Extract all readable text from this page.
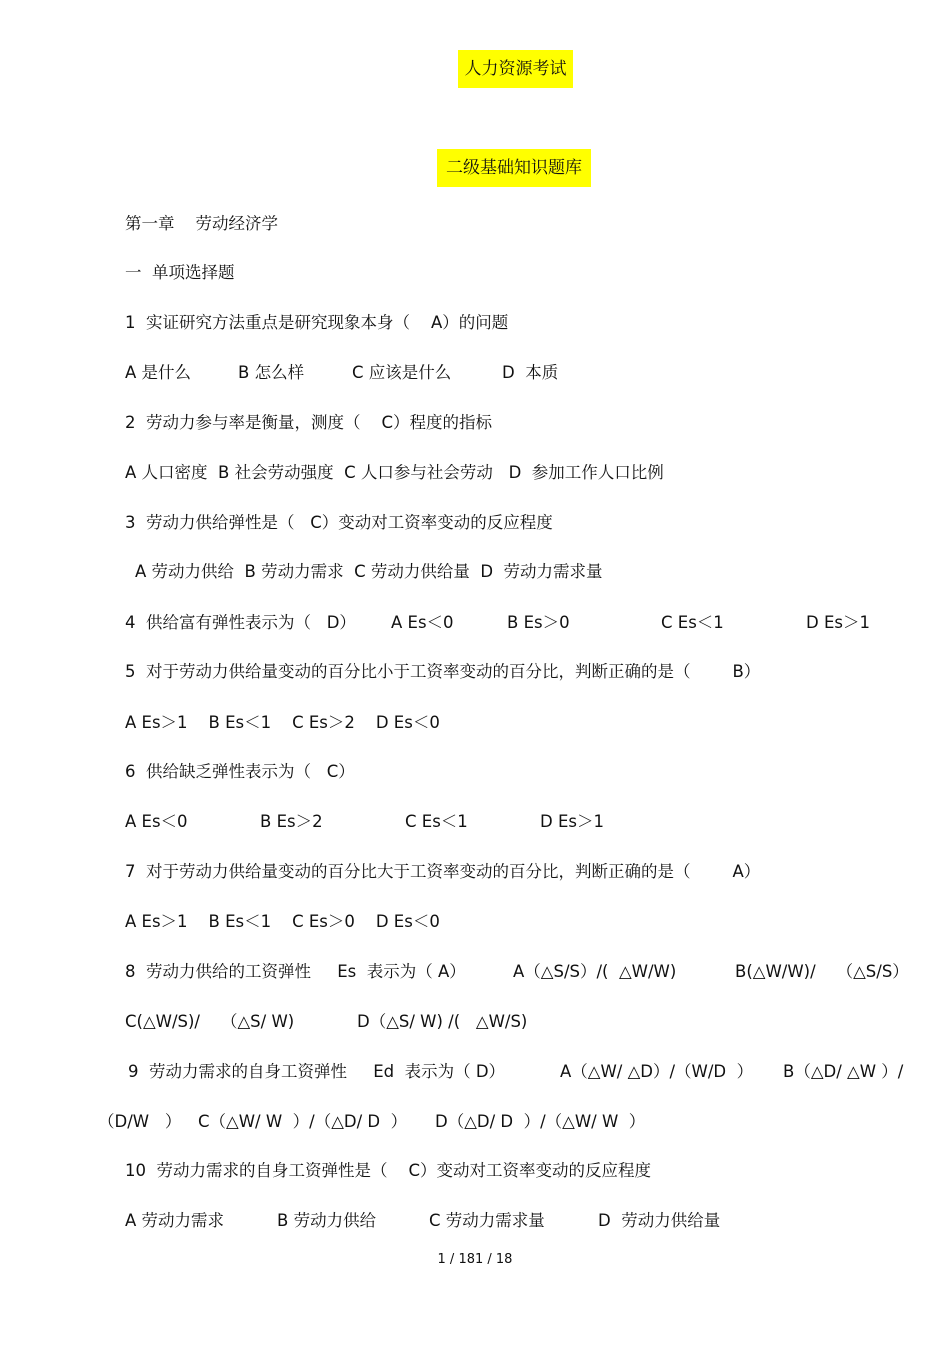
人力资源考试
二级基础知识题库
第一章    劳动经济学
一  单项选择题
1  实证研究方法重点是研究现象本身（    A）的问题

A 是什么

	B 怎么样

	C 应该是什么

	D  本质

2  劳动力参与率是衡量，测度（    C）程度的指标
A 人口密度  B 社会劳动强度  C 人口参与社会劳动   D  参加工作人口比例
3  劳动力供给弹性是（   C）变动对工资率变动的反应程度
A 劳动力供给  B 劳动力需求  C 劳动力供给量  D  劳动力需求量

4  供给富有弹性表示为（   D）

A Es＜0

	B Es＞0

	C Es＜1

	D Es＞1

5  对于劳动力供给量变动的百分比小于工资率变动的百分比，判断正确的是（        B）
A Es＞1    B Es＜1    C Es＞2    D Es＜0
6  供给缺乏弹性表示为（   C）

A Es＜0

	B Es＞2

	C Es＜1

	D Es＞1

7  对于劳动力供给量变动的百分比大于工资率变动的百分比，判断正确的是（        A）
A Es＞1    B Es＜1    C Es＞0    D Es＜0

8  劳动力供给的工资弹性     Es  表示为（ A）

	A（△S/S）/(  △W/W)

	B(△W/W)/    （△S/S）

C(△W/S)/    （△S/ W)

	D（△S/ W) /(   △W/S)

9  劳动力需求的自身工资弹性     Ed  表示为（ D）

	A（△W/ △D）/（W/D  ）

B（△D/ △W ）/

（D/W   ）

C（△W/ W  ）/（△D/ D  ）

D（△D/ D  ）/（△W/ W  ）

10  劳动力需求的自身工资弹性是（    C）变动对工资率变动的反应程度

A 劳动力需求

	B 劳动力供给

	C 劳动力需求量

	D  劳动力供给量

1 / 181 / 18
